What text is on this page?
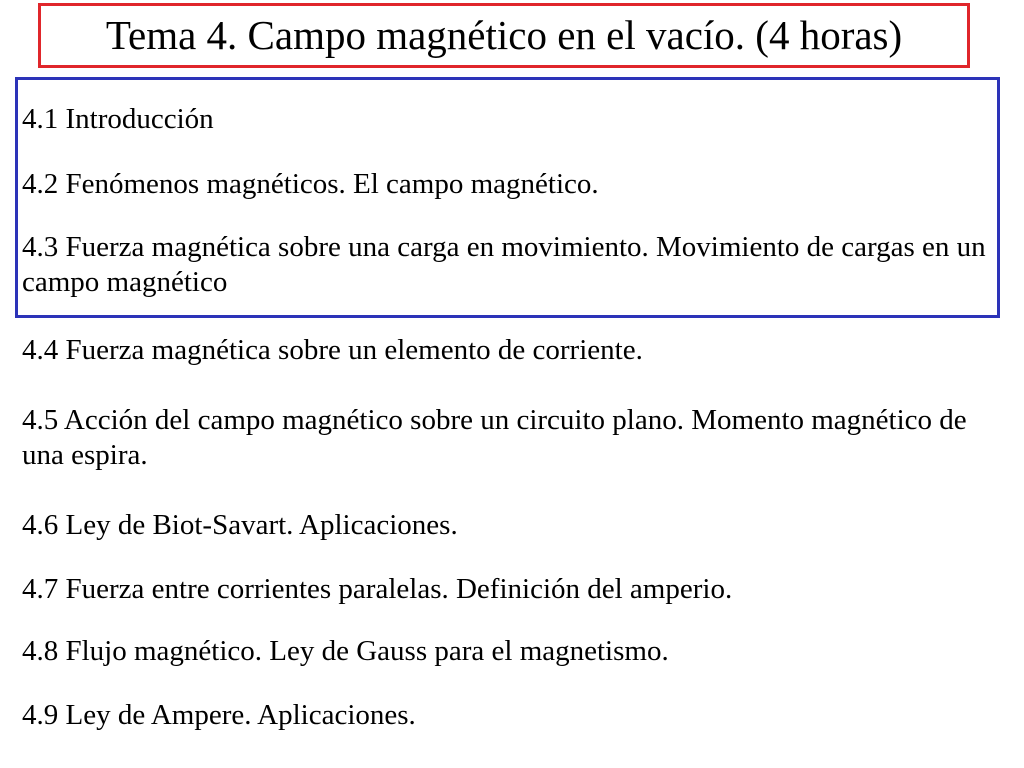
Tema 4. Campo magnético en el vacío. (4 horas)

4.1 Introducción

4.2 Fenómenos magnéticos. El campo magnético.

4.3 Fuerza magnética sobre una carga en movimiento. Movimiento de cargas en un campo magnético

4.4 Fuerza magnética sobre un elemento de corriente.

4.5 Acción del campo magnético sobre un circuito plano. Momento magnético de una espira.

4.6 Ley de Biot-Savart. Aplicaciones.

4.7 Fuerza entre corrientes paralelas. Definición del amperio.

4.8 Flujo magnético. Ley de Gauss para el magnetismo.

4.9 Ley de Ampere. Aplicaciones.
